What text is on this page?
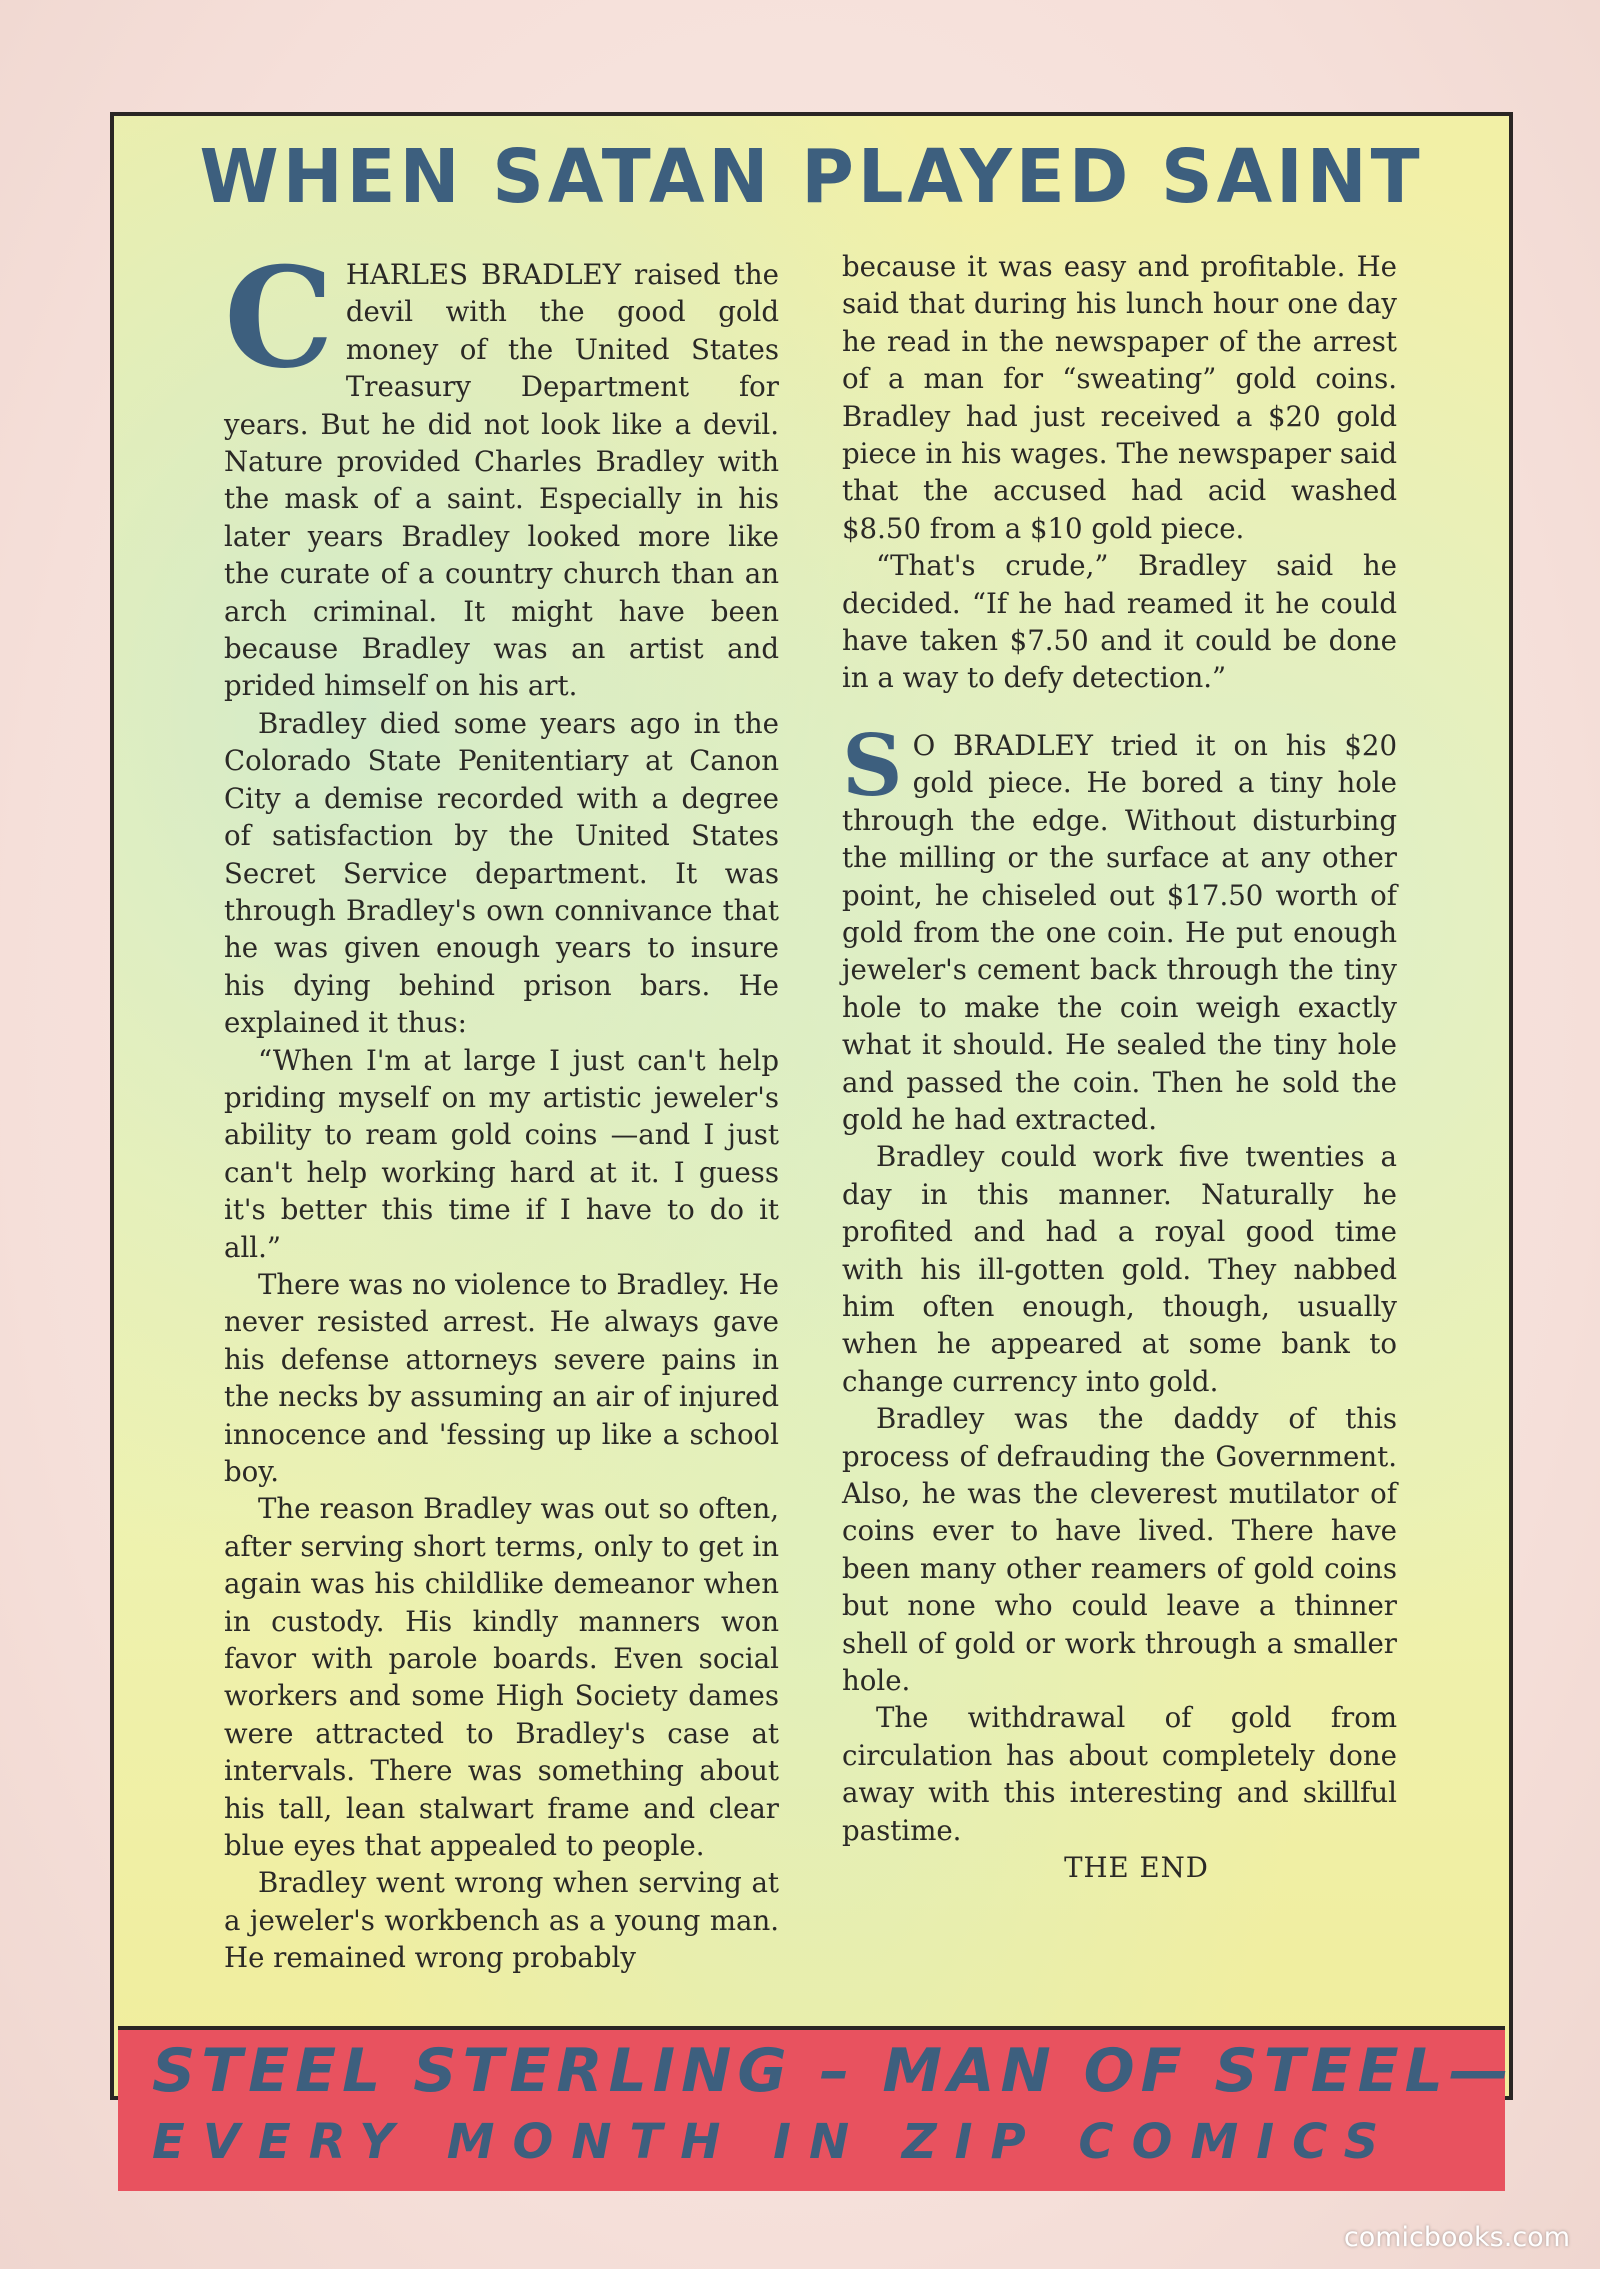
WHEN SATAN PLAYED SAINT

CHARLES BRADLEY raised the devil with the good gold money of the United States Treasury Department for years. But he did not look like a devil. Nature provided Charles Bradley with the mask of a saint. Especially in his later years Bradley looked more like the curate of a country church than an arch criminal. It might have been because Bradley was an artist and prided himself on his art.

Bradley died some years ago in the Colorado State Penitentiary at Canon City a demise recorded with a degree of satisfaction by the United States Secret Service department. It was through Bradley's own connivance that he was given enough years to insure his dying behind prison bars. He explained it thus:

“When I'm at large I just can't help priding myself on my artistic jeweler's ability to ream gold coins —and I just can't help working hard at it. I guess it's better this time if I have to do it all.”

There was no violence to Bradley. He never resisted arrest. He always gave his defense attorneys severe pains in the necks by assuming an air of injured innocence and 'fessing up like a school boy.

The reason Bradley was out so often, after serving short terms, only to get in again was his childlike demeanor when in custody. His kindly manners won favor with parole boards. Even social workers and some High Society dames were attracted to Bradley's case at intervals. There was something about his tall, lean stalwart frame and clear blue eyes that appealed to people.

Bradley went wrong when serving at a jeweler's workbench as a young man. He remained wrong probably

because it was easy and profitable. He said that during his lunch hour one day he read in the newspaper of the arrest of a man for “sweating” gold coins. Bradley had just received a $20 gold piece in his wages. The newspaper said that the accused had acid washed $8.50 from a $10 gold piece.

“That's crude,” Bradley said he decided. “If he had reamed it he could have taken $7.50 and it could be done in a way to defy detection.”

S O BRADLEY tried it on his $20 gold piece. He bored a tiny hole through the edge. Without disturbing the milling or the surface at any other point, he chiseled out $17.50 worth of gold from the one coin. He put enough jeweler's cement back through the tiny hole to make the coin weigh exactly what it should. He sealed the tiny hole and passed the coin. Then he sold the gold he had extracted.

Bradley could work five twenties a day in this manner. Naturally he profited and had a royal good time with his ill-gotten gold. They nabbed him often enough, though, usually when he appeared at some bank to change currency into gold.

Bradley was the daddy of this process of defrauding the Government. Also, he was the cleverest mutilator of coins ever to have lived. There have been many other reamers of gold coins but none who could leave a thinner shell of gold or work through a smaller hole.

The withdrawal of gold from circulation has about completely done away with this interesting and skillful pastime.

THE END

STEEL STERLING – MAN OF STEEL—
EVERY MONTH IN ZIP COMICS
comicbooks.com
